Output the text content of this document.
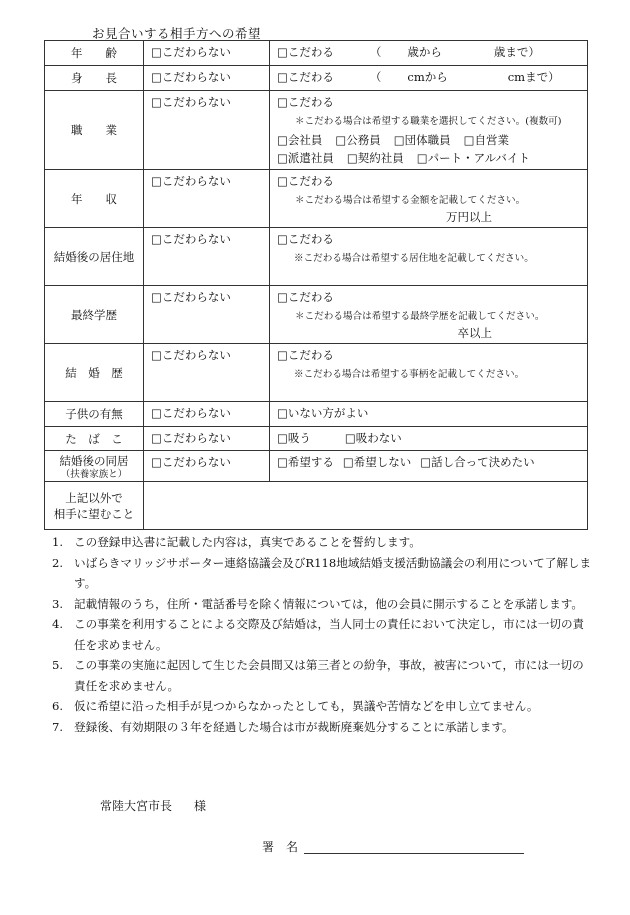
お見合いする相手方への希望
年　　齢	□こだわらない	□こだわる （ 歳から 歳まで）
身　　長	□こだわらない	□こだわる （ cmから cmまで）
職　　業	□こだわらない	□こだわる
＊こだわる場合は希望する職業を選択してください。(複数可)
□会社員 □公務員 □団体職員 □自営業
□派遣社員 □契約社員 □パート・アルバイト

年　　収	□こだわらない	□こだわる
＊こだわる場合は希望する金額を記載してください。
万円以上

結婚後の居住地	□こだわらない	□こだわる
※こだわる場合は希望する居住地を記載してください。

最終学歴	□こだわらない	□こだわる
＊こだわる場合は希望する最終学歴を記載してください。
卒以上

結　婚　歴	□こだわらない	□こだわる
※こだわる場合は希望する事柄を記載してください。

子供の有無	□こだわらない	□いない方がよい
た　ば　こ	□こだわらない	□吸う □吸わない

結婚後の同居
（扶養家族と）	□こだわらない	□希望する □希望しない □話し合って決めたい

上記以外で
相手に望むこと		

1. この登録申込書に記載した内容は，真実であることを誓約します。
2. いばらきマリッジサポーター連絡協議会及びR118地域結婚支援活動協議会の利用について了解します。
3. 記載情報のうち，住所・電話番号を除く情報については，他の会員に開示することを承諾します。
4. この事業を利用することによる交際及び結婚は，当人同士の責任において決定し，市には一切の責任を求めません。
5. この事業の実施に起因して生じた会員間又は第三者との紛争，事故，被害について，市には一切の責任を求めません。
6. 仮に希望に沿った相手が見つからなかったとしても，異議や苦情などを申し立てません。
7. 登録後、有効期限の３年を経過した場合は市が裁断廃棄処分することに承諾します。
常陸大宮市長 様
署　名
